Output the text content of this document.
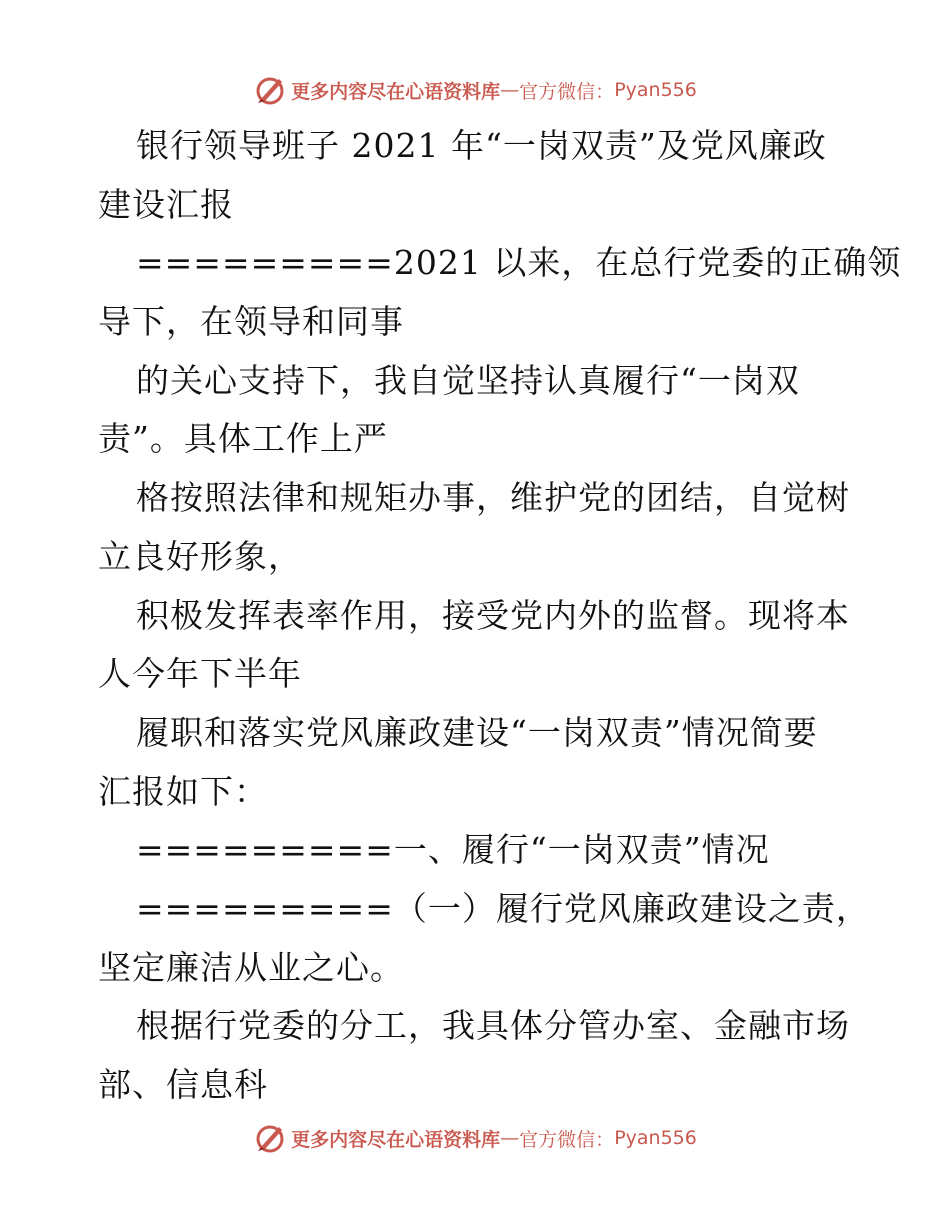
更多内容尽在心语资料库 — 官方微信： Pyan556
银行领导班子 2021 年“一岗双责”及党风廉政
建设汇报
=========2021 以来，在总行党委的正确领
导下，在领导和同事
的关心支持下，我自觉坚持认真履行“一岗双
责”。具体工作上严
格按照法律和规矩办事，维护党的团结，自觉树
立良好形象，
积极发挥表率作用，接受党内外的监督。现将本
人今年下半年
履职和落实党风廉政建设“一岗双责”情况简要
汇报如下：
=========一、履行“一岗双责”情况
=========（一）履行党风廉政建设之责，
坚定廉洁从业之心。
根据行党委的分工，我具体分管办室、金融市场
部、信息科
更多内容尽在心语资料库 — 官方微信： Pyan556
